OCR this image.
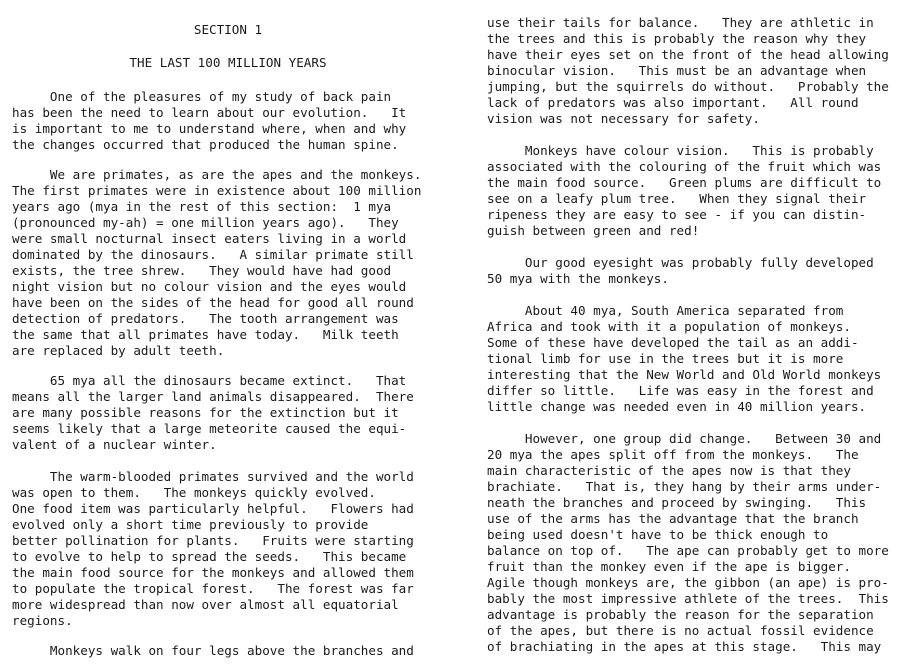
SECTION 1
THE LAST 100 MILLION YEARS
One of the pleasures of my study of back pain
has been the need to learn about our evolution.   It
is important to me to understand where, when and why
the changes occurred that produced the human spine.
We are primates, as are the apes and the monkeys.
The first primates were in existence about 100 million
years ago (mya in the rest of this section:  1 mya
(pronounced my-ah) = one million years ago).   They
were small nocturnal insect eaters living in a world
dominated by the dinosaurs.   A similar primate still
exists, the tree shrew.   They would have had good
night vision but no colour vision and the eyes would
have been on the sides of the head for good all round
detection of predators.   The tooth arrangement was
the same that all primates have today.   Milk teeth
are replaced by adult teeth.
65 mya all the dinosaurs became extinct.   That
means all the larger land animals disappeared.  There
are many possible reasons for the extinction but it
seems likely that a large meteorite caused the equi-
valent of a nuclear winter.
The warm-blooded primates survived and the world
was open to them.   The monkeys quickly evolved.
One food item was particularly helpful.   Flowers had
evolved only a short time previously to provide
better pollination for plants.   Fruits were starting
to evolve to help to spread the seeds.   This became
the main food source for the monkeys and allowed them
to populate the tropical forest.   The forest was far
more widespread than now over almost all equatorial
regions.
Monkeys walk on four legs above the branches and
use their tails for balance.   They are athletic in
the trees and this is probably the reason why they
have their eyes set on the front of the head allowing
binocular vision.   This must be an advantage when
jumping, but the squirrels do without.   Probably the
lack of predators was also important.   All round
vision was not necessary for safety.
Monkeys have colour vision.   This is probably
associated with the colouring of the fruit which was
the main food source.   Green plums are difficult to
see on a leafy plum tree.   When they signal their
ripeness they are easy to see - if you can distin-
guish between green and red!
Our good eyesight was probably fully developed
50 mya with the monkeys.
About 40 mya, South America separated from
Africa and took with it a population of monkeys.
Some of these have developed the tail as an addi-
tional limb for use in the trees but it is more
interesting that the New World and Old World monkeys
differ so little.   Life was easy in the forest and
little change was needed even in 40 million years.
However, one group did change.   Between 30 and
20 mya the apes split off from the monkeys.   The
main characteristic of the apes now is that they
brachiate.   That is, they hang by their arms under-
neath the branches and proceed by swinging.   This
use of the arms has the advantage that the branch
being used doesn't have to be thick enough to
balance on top of.   The ape can probably get to more
fruit than the monkey even if the ape is bigger.
Agile though monkeys are, the gibbon (an ape) is pro-
bably the most impressive athlete of the trees.  This
advantage is probably the reason for the separation
of the apes, but there is no actual fossil evidence
of brachiating in the apes at this stage.   This may
